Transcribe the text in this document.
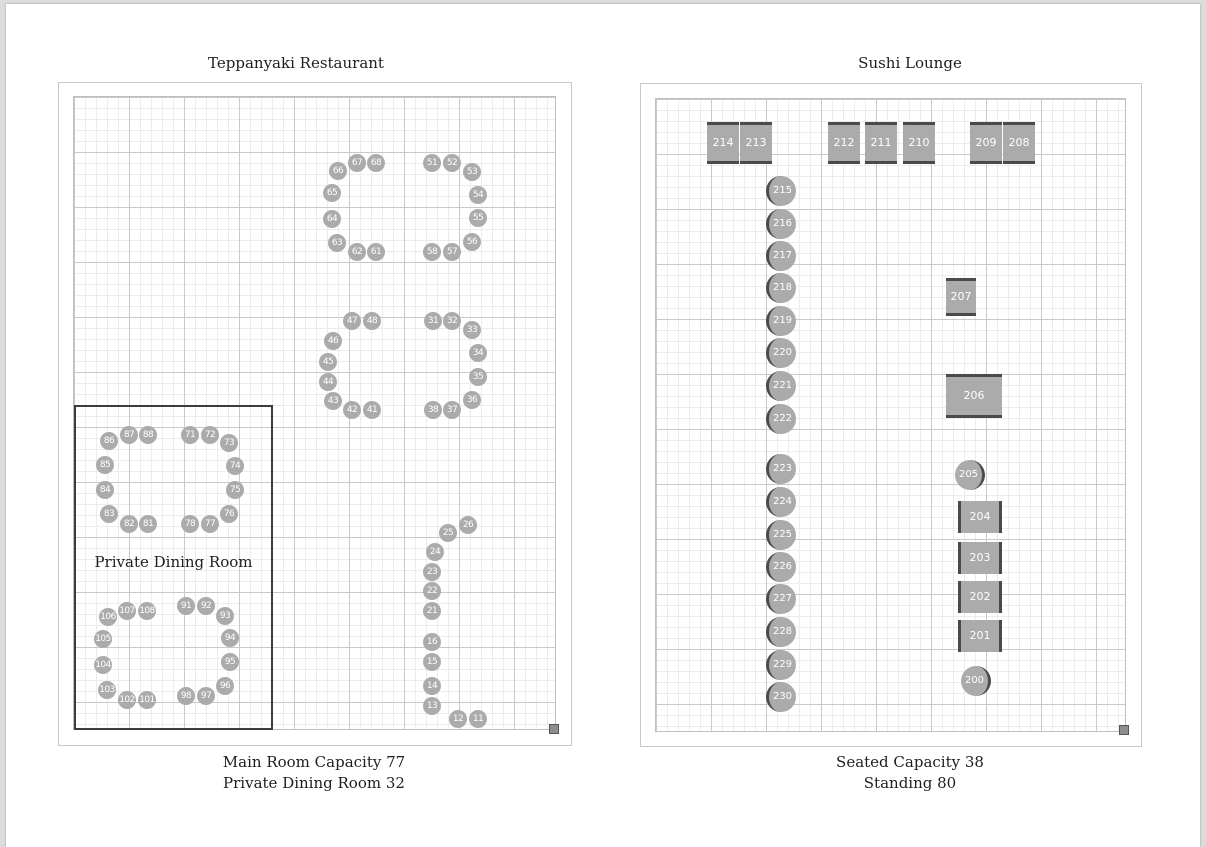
Teppanyaki Restaurant
Private Dining Room
66
67 68
65
64
63
62 61
51	52
53
54
55
56
57
58
47	48
46
45
44
43
42	41
31 32
33
34
35
36
37
38
26
25
24
23
22
21
16
15
14
13
12	11
86
87 88
85
84
83
82 81
71	72
73
74
75
76
77
78
106
107 108
105
104
103
102 101
91	92
93
94
95
96
97
98
Main Room Capacity 77
Private Dining Room 32
Sushi Lounge
214	213	212	211	210	209	208
215
216
217
218
219
220
221
222
223
224
225
226
227
228
229
230
207
206
205
204
203
202
201
200
Seated Capacity 38
Standing 80
